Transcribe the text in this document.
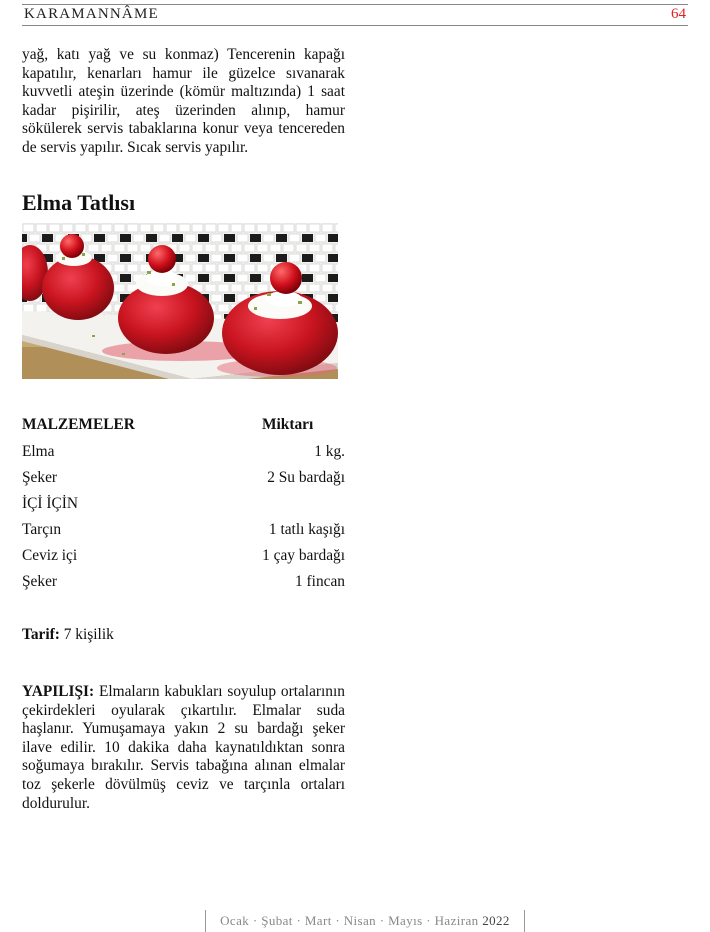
KARAMANNÂME	64

yağ, katı yağ ve su konmaz) Tencerenin kapağı kapatılır, kenarları hamur ile güzelce sıvanarak kuvvetli ateşin üzerinde (kömür maltızında) 1 saat kadar pişirilir, ateş üzerinden alınıp, hamur sökülerek servis tabaklarına konur veya tencereden de servis yapılır. Sıcak servis yapılır.

Elma Tatlısı
MALZEMELER	Miktarı
Elma	1 kg.
Şeker	2 Su bardağı
İÇİ İÇİN
Tarçın	1 tatlı kaşığı
Ceviz içi	1 çay bardağı
Şeker	1 fincan
Tarif: 7 kişilik

YAPILIŞI: Elmaların kabukları soyulup ortalarının çekirdekleri oyularak çıkartılır. Elmalar suda haşlanır. Yumuşamaya yakın 2 su bardağı şeker ilave edilir. 10 dakika daha kaynatıldıktan sonra soğumaya bırakılır. Servis tabağına alınan elmalar toz şekerle dövülmüş ceviz ve tarçınla ortaları doldurulur.

Ocak · Şubat · Mart · Nisan · Mayıs · Haziran 2022
